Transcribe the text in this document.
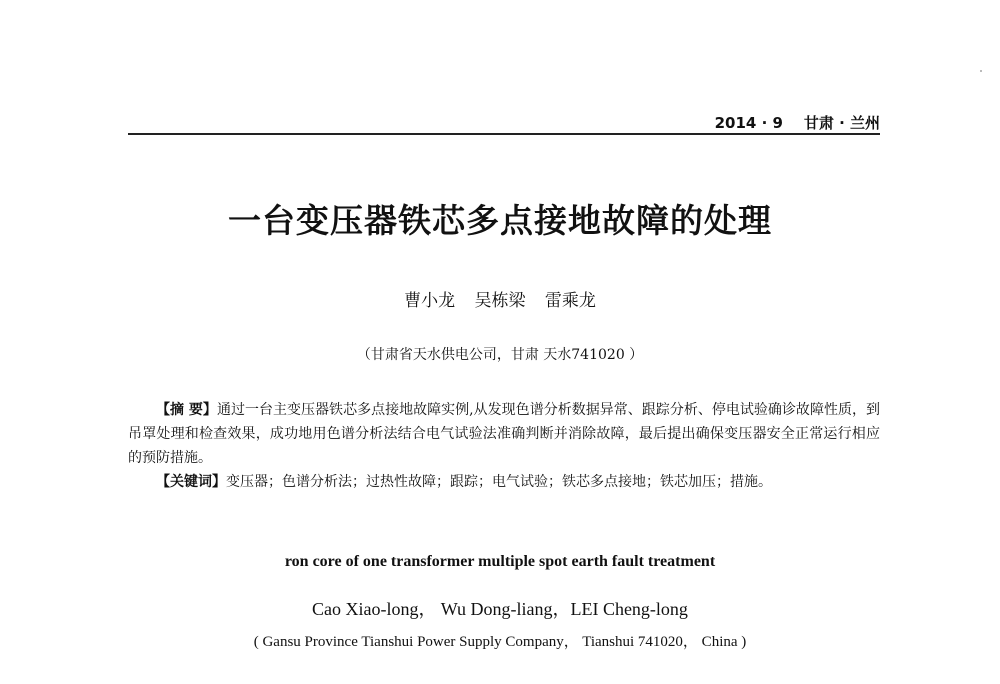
2014 · 9 甘肃 · 兰州
一台变压器铁芯多点接地故障的处理
曹小龙 吴栋梁 雷乘龙
（甘肃省天水供电公司，甘肃 天水741020 ）
【摘 要】通过一台主变压器铁芯多点接地故障实例,从发现色谱分析数据异常、跟踪分析、停电试验确诊故障性质，到吊罩处理和检查效果，成功地用色谱分析法结合电气试验法准确判断并消除故障，最后提出确保变压器安全正常运行相应的预防措施。
【关键词】变压器；色谱分析法；过热性故障；跟踪；电气试验；铁芯多点接地；铁芯加压；措施。
ron core of one transformer multiple spot earth fault treatment
Cao Xiao-long， Wu Dong-liang，LEI Cheng-long
( Gansu Province Tianshui Power Supply Company， Tianshui 741020， China )
